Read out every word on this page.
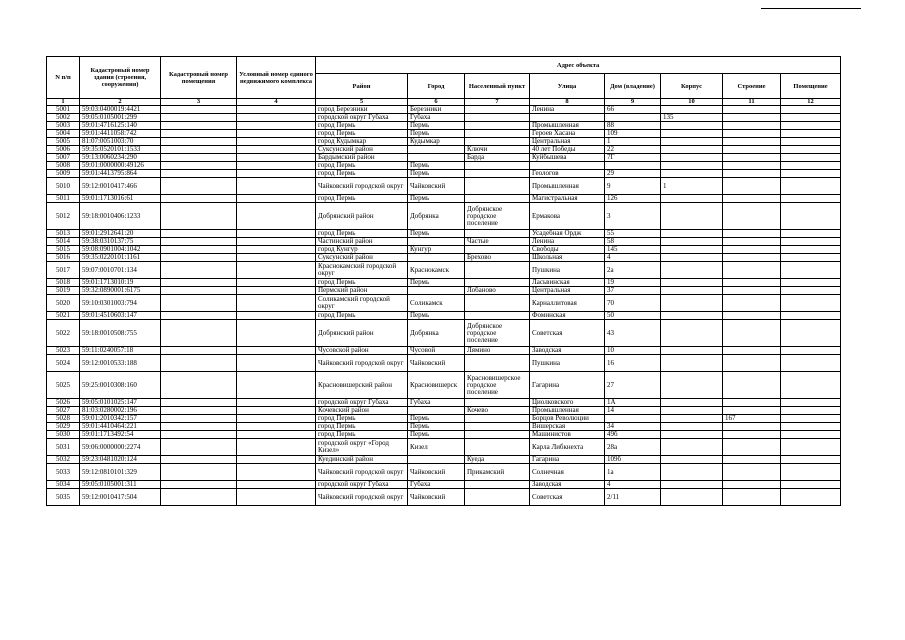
N п/п	Кадастровый номер здания (строения, сооружения)	Кадастровый номер помещения	Условный номер единого недвижимого комплекса	Адрес объекта							
				Район	Город	Населенный пункт	Улица	Дом (владение)	Корпус	Строение	Помещение
1	2	3	4	5	6	7	8	9	10	11	12
5001	59:03:0400019:4421			город Березники	Березники		Ленина	66			
5002	59:05:0105001:299			городской округ Губаха	Губаха				135		
5003	59:01:4716125:140			город Пермь	Пермь		Промышленная	88			
5004	59:01:4411058:742			город Пермь	Пермь		Героев Хасана	109			
5005	81:07:0051003:70			город Кудымкар	Кудымкар		Центральная	1			
5006	59:35:0520101:1533			Суксунский район		Ключи	40 лет Победы	22			
5007	59:13:0060234:290			Бардымский район		Барда	Куйбышева	7Г			
5008	59:01:0000000:49126			город Пермь	Пермь						
5009	59:01:4413795:864			город Пермь	Пермь		Геологов	29			
5010	59:12:0010417:466			Чайковский городской округ	Чайковский		Промышленная	9	1		
5011	59:01:1713016:61			город Пермь	Пермь		Магистральная	126			
5012	59:18:0010406:1233			Добрянский район	Добрянка	Добрянское городское поселение	Ермакова	3			
5013	59:01:2912641:20			город Пермь	Пермь		Усадебная Ордж	55			
5014	59:38:0310137:75			Частинский район		Частые	Ленина	58			
5015	59:08:0901004:1042			город Кунгур	Кунгур		Свободы	145			
5016	59:35:0220101:1161			Суксунский район		Брехово	Школьная	4			
5017	59:07:0010701:134			Краснокамский городской округ	Краснокамск		Пушкина	2а			
5018	59:01:1713010:19			город Пермь	Пермь		Ласьвинская	19			
5019	59:32:0890001:6175			Пермский район		Лобаново	Центральная	37			
5020	59:10:0301003:794			Соликамский городской округ	Соликамск		Карналлитовая	70			
5021	59:01:4510603:147			город Пермь	Пермь		Фоминская	50			
5022	59:18:0010508:755			Добрянский район	Добрянка	Добрянское городское поселение	Советская	43			
5023	59:11:0240057:18			Чусовской район	Чусовой	Лямино	Заводская	10			
5024	59:12:0010533:188			Чайковский городской округ	Чайковский		Пушкина	16			
5025	59:25:0010308:160			Красновишерский район	Красновишерск	Красновишерское городское поселение	Гагарина	27			
5026	59:05:0101025:147			городской округ Губаха	Губаха		Циолковского	1А			
5027	81:03:0280002:196			Кочевский район		Кочево	Промышленная	14			
5028	59:01:2010342:157			город Пермь	Пермь		Борцов Революции			167	
5029	59:01:4410464:221			город Пермь	Пермь		Вишерская	34			
5030	59:01:1713492:54			город Пермь	Пермь		Машинистов	49б			
5031	59:06:0000000:2274			городской округ «Город Кизел»	Кизел		Карла Либкнехта	28а			
5032	59:23:0481020:124			Куединский район		Куеда	Гагарина	109б			
5033	59:12:0810101:329			Чайковский городской округ	Чайковский	Прикамский	Солнечная	1а			
5034	59:05:0105001:311			городской округ Губаха	Губаха		Заводская	4			
5035	59:12:0010417:504			Чайковский городской округ	Чайковский		Советская	2/11			
